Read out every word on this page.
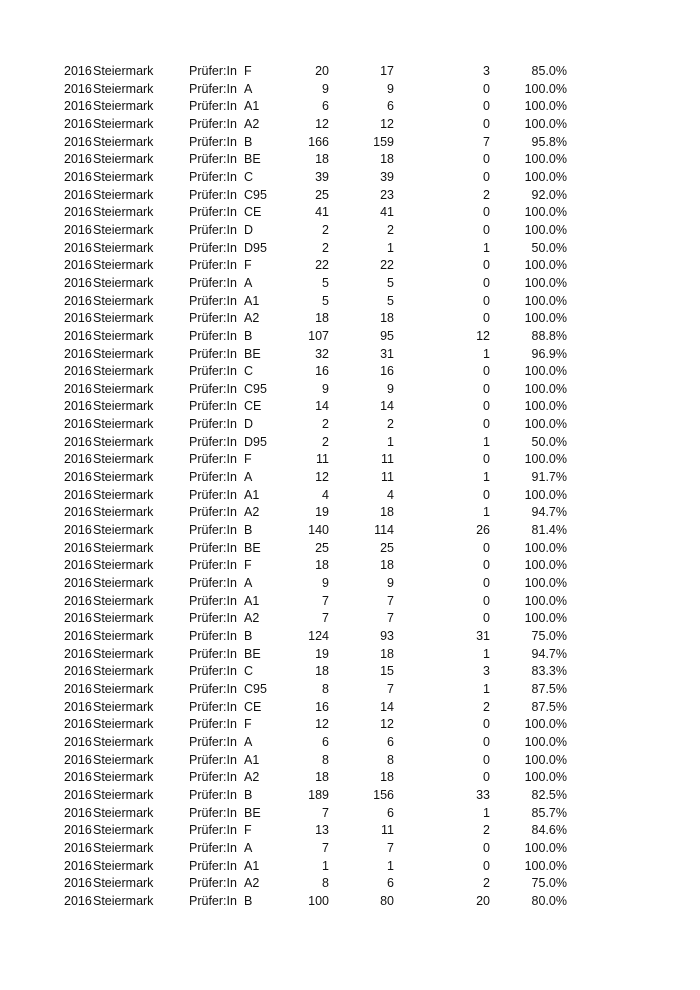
2016 Steiermark	Prüfer:In F	20	17	3	85.0%
2016 Steiermark	Prüfer:In A	9	9	0	100.0%
2016 Steiermark	Prüfer:In A1	6	6	0	100.0%
2016 Steiermark	Prüfer:In A2	12	12	0	100.0%
2016 Steiermark	Prüfer:In B	166	159	7	95.8%
2016 Steiermark	Prüfer:In BE	18	18	0	100.0%
2016 Steiermark	Prüfer:In C	39	39	0	100.0%
2016 Steiermark	Prüfer:In C95	25	23	2	92.0%
2016 Steiermark	Prüfer:In CE	41	41	0	100.0%
2016 Steiermark	Prüfer:In D	2	2	0	100.0%
2016 Steiermark	Prüfer:In D95	2	1	1	50.0%
2016 Steiermark	Prüfer:In F	22	22	0	100.0%
2016 Steiermark	Prüfer:In A	5	5	0	100.0%
2016 Steiermark	Prüfer:In A1	5	5	0	100.0%
2016 Steiermark	Prüfer:In A2	18	18	0	100.0%
2016 Steiermark	Prüfer:In B	107	95	12	88.8%
2016 Steiermark	Prüfer:In BE	32	31	1	96.9%
2016 Steiermark	Prüfer:In C	16	16	0	100.0%
2016 Steiermark	Prüfer:In C95	9	9	0	100.0%
2016 Steiermark	Prüfer:In CE	14	14	0	100.0%
2016 Steiermark	Prüfer:In D	2	2	0	100.0%
2016 Steiermark	Prüfer:In D95	2	1	1	50.0%
2016 Steiermark	Prüfer:In F	11	11	0	100.0%
2016 Steiermark	Prüfer:In A	12	11	1	91.7%
2016 Steiermark	Prüfer:In A1	4	4	0	100.0%
2016 Steiermark	Prüfer:In A2	19	18	1	94.7%
2016 Steiermark	Prüfer:In B	140	114	26	81.4%
2016 Steiermark	Prüfer:In BE	25	25	0	100.0%
2016 Steiermark	Prüfer:In F	18	18	0	100.0%
2016 Steiermark	Prüfer:In A	9	9	0	100.0%
2016 Steiermark	Prüfer:In A1	7	7	0	100.0%
2016 Steiermark	Prüfer:In A2	7	7	0	100.0%
2016 Steiermark	Prüfer:In B	124	93	31	75.0%
2016 Steiermark	Prüfer:In BE	19	18	1	94.7%
2016 Steiermark	Prüfer:In C	18	15	3	83.3%
2016 Steiermark	Prüfer:In C95	8	7	1	87.5%
2016 Steiermark	Prüfer:In CE	16	14	2	87.5%
2016 Steiermark	Prüfer:In F	12	12	0	100.0%
2016 Steiermark	Prüfer:In A	6	6	0	100.0%
2016 Steiermark	Prüfer:In A1	8	8	0	100.0%
2016 Steiermark	Prüfer:In A2	18	18	0	100.0%
2016 Steiermark	Prüfer:In B	189	156	33	82.5%
2016 Steiermark	Prüfer:In BE	7	6	1	85.7%
2016 Steiermark	Prüfer:In F	13	11	2	84.6%
2016 Steiermark	Prüfer:In A	7	7	0	100.0%
2016 Steiermark	Prüfer:In A1	1	1	0	100.0%
2016 Steiermark	Prüfer:In A2	8	6	2	75.0%
2016 Steiermark	Prüfer:In B	100	80	20	80.0%
